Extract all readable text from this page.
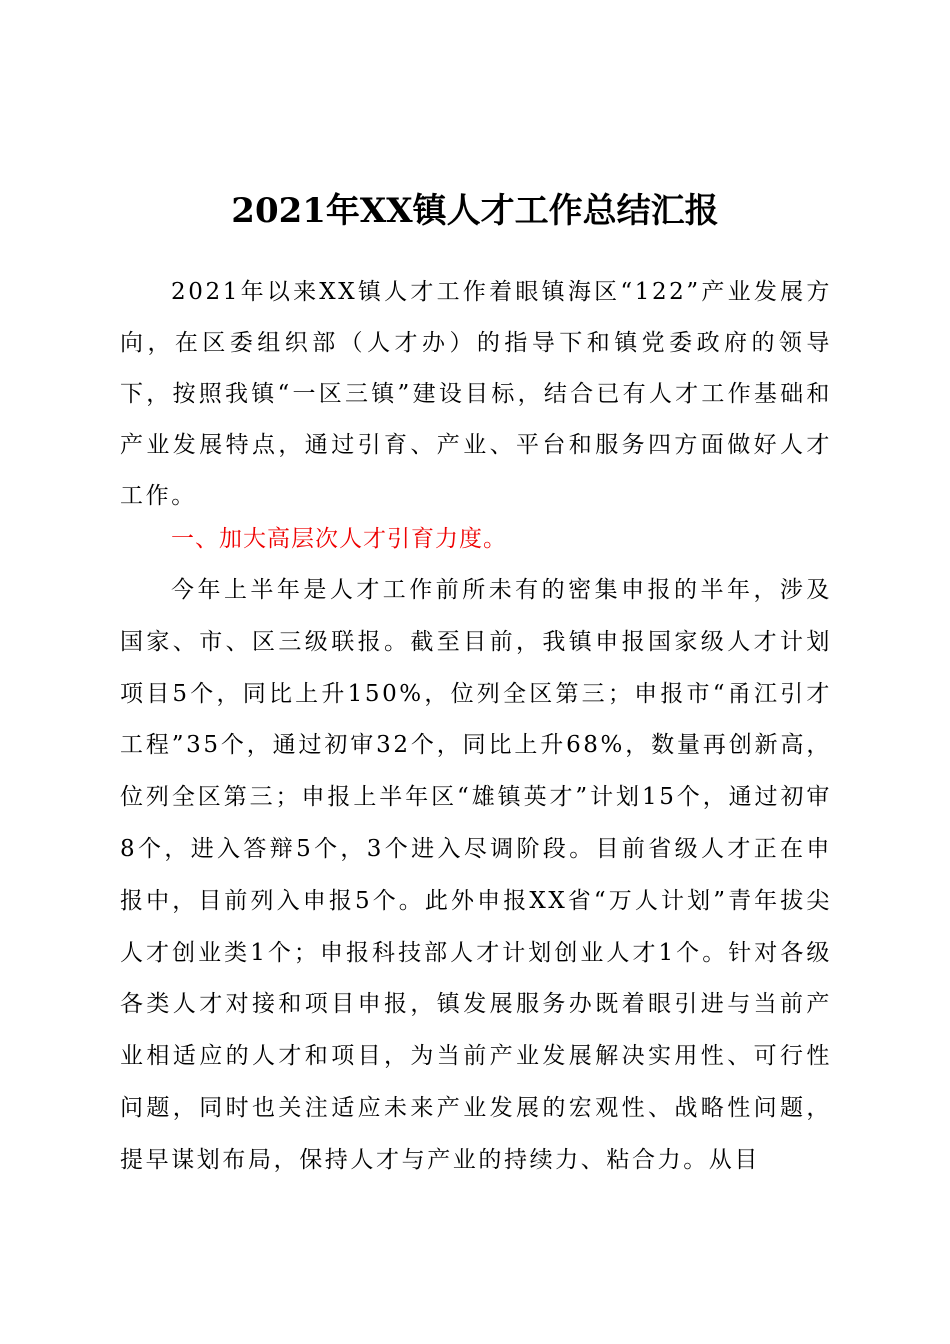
2021年XX镇人才工作总结汇报

2021年以来XX镇人才工作着眼镇海区“122”产业发展方向，在区委组织部（人才办）的指导下和镇党委政府的领导下，按照我镇“一区三镇”建设目标，结合已有人才工作基础和产业发展特点，通过引育、产业、平台和服务四方面做好人才工作。

一、加大高层次人才引育力度。

今年上半年是人才工作前所未有的密集申报的半年，涉及国家、市、区三级联报。截至目前，我镇申报国家级人才计划项目5个，同比上升150%，位列全区第三；申报市“甬江引才工程”35个，通过初审32个，同比上升68%，数量再创新高，位列全区第三；申报上半年区“雄镇英才”计划15个，通过初审8个，进入答辩5个，3个进入尽调阶段。目前省级人才正在申报中，目前列入申报5个。此外申报XX省“万人计划”青年拔尖人才创业类1个；申报科技部人才计划创业人才1个。针对各级各类人才对接和项目申报，镇发展服务办既着眼引进与当前产业相适应的人才和项目，为当前产业发展解决实用性、可行性问题，同时也关注适应未来产业发展的宏观性、战略性问题，提早谋划布局，保持人才与产业的持续力、粘合力。从目
